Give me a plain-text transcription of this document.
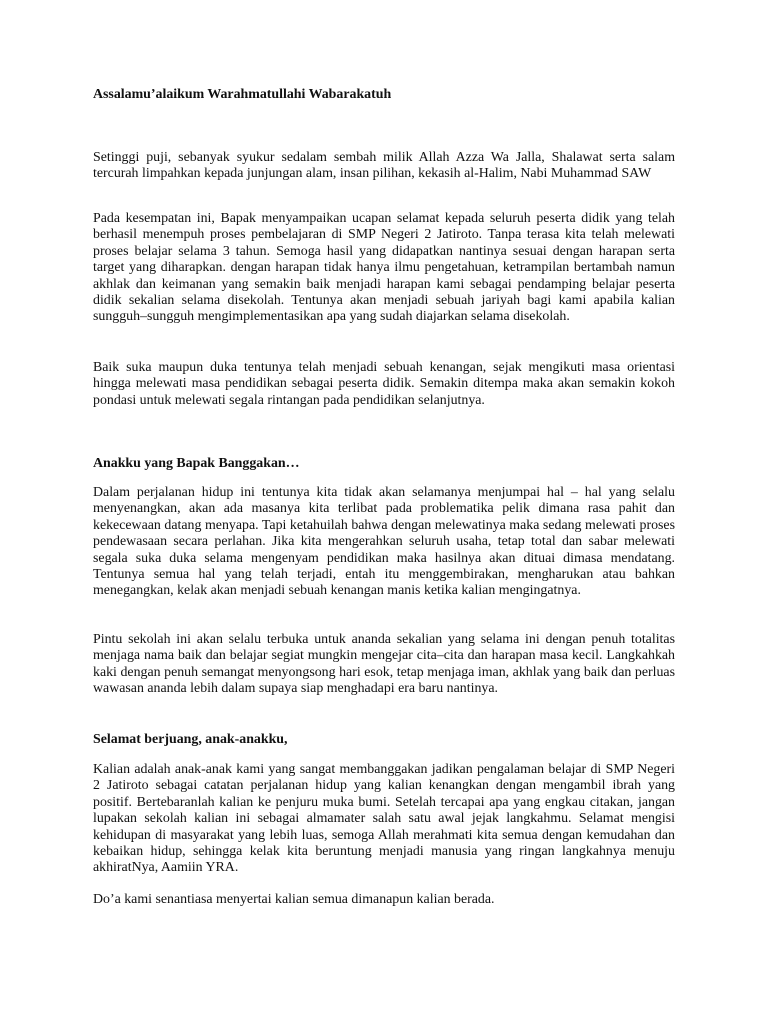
Assalamu’alaikum Warahmatullahi Wabarakatuh

Setinggi puji, sebanyak syukur sedalam sembah milik Allah Azza Wa Jalla, Shalawat serta salam tercurah limpahkan kepada junjungan alam, insan pilihan, kekasih al-Halim, Nabi Muhammad SAW

Pada kesempatan ini, Bapak menyampaikan ucapan selamat kepada seluruh peserta didik yang telah berhasil menempuh proses pembelajaran di SMP Negeri 2 Jatiroto. Tanpa terasa kita telah melewati proses belajar selama 3 tahun. Semoga hasil yang didapatkan nantinya sesuai dengan harapan serta target yang diharapkan. dengan harapan tidak hanya ilmu pengetahuan, ketrampilan bertambah namun akhlak dan keimanan yang semakin baik menjadi harapan kami sebagai pendamping belajar peserta didik sekalian selama disekolah. Tentunya akan menjadi sebuah jariyah bagi kami apabila kalian sungguh–sungguh mengimplementasikan apa yang sudah diajarkan selama disekolah.

Baik suka maupun duka tentunya telah menjadi sebuah kenangan, sejak mengikuti masa orientasi hingga melewati masa pendidikan sebagai peserta didik. Semakin ditempa maka akan semakin kokoh pondasi untuk melewati segala rintangan pada pendidikan selanjutnya.

Anakku yang Bapak Banggakan…

Dalam perjalanan hidup ini tentunya kita tidak akan selamanya menjumpai hal – hal yang selalu menyenangkan, akan ada masanya kita terlibat pada problematika pelik dimana rasa pahit dan kekecewaan datang menyapa. Tapi ketahuilah bahwa dengan melewatinya maka sedang melewati proses pendewasaan secara perlahan. Jika kita mengerahkan seluruh usaha, tetap total dan sabar melewati segala suka duka selama mengenyam pendidikan maka hasilnya akan dituai dimasa mendatang. Tentunya semua hal yang telah terjadi, entah itu menggembirakan, mengharukan atau bahkan menegangkan, kelak akan menjadi sebuah kenangan manis ketika kalian mengingatnya.

Pintu sekolah ini akan selalu terbuka untuk ananda sekalian yang selama ini dengan penuh totalitas menjaga nama baik dan belajar segiat mungkin mengejar cita–cita dan harapan masa kecil. Langkahkah kaki dengan penuh semangat menyongsong hari esok, tetap menjaga iman, akhlak yang baik dan perluas wawasan ananda lebih dalam supaya siap menghadapi era baru nantinya.

Selamat berjuang, anak-anakku,

Kalian adalah anak-anak kami yang sangat membanggakan jadikan pengalaman belajar di SMP Negeri 2 Jatiroto sebagai catatan perjalanan hidup yang kalian kenangkan dengan mengambil ibrah yang positif. Bertebaranlah kalian ke penjuru muka bumi. Setelah tercapai apa yang engkau citakan, jangan lupakan sekolah kalian ini sebagai almamater salah satu awal jejak langkahmu. Selamat mengisi kehidupan di masyarakat yang lebih luas, semoga Allah merahmati kita semua dengan kemudahan dan kebaikan hidup, sehingga kelak kita beruntung menjadi manusia yang ringan langkahnya menuju akhiratNya, Aamiin YRA.

Do’a kami senantiasa menyertai kalian semua dimanapun kalian berada.
